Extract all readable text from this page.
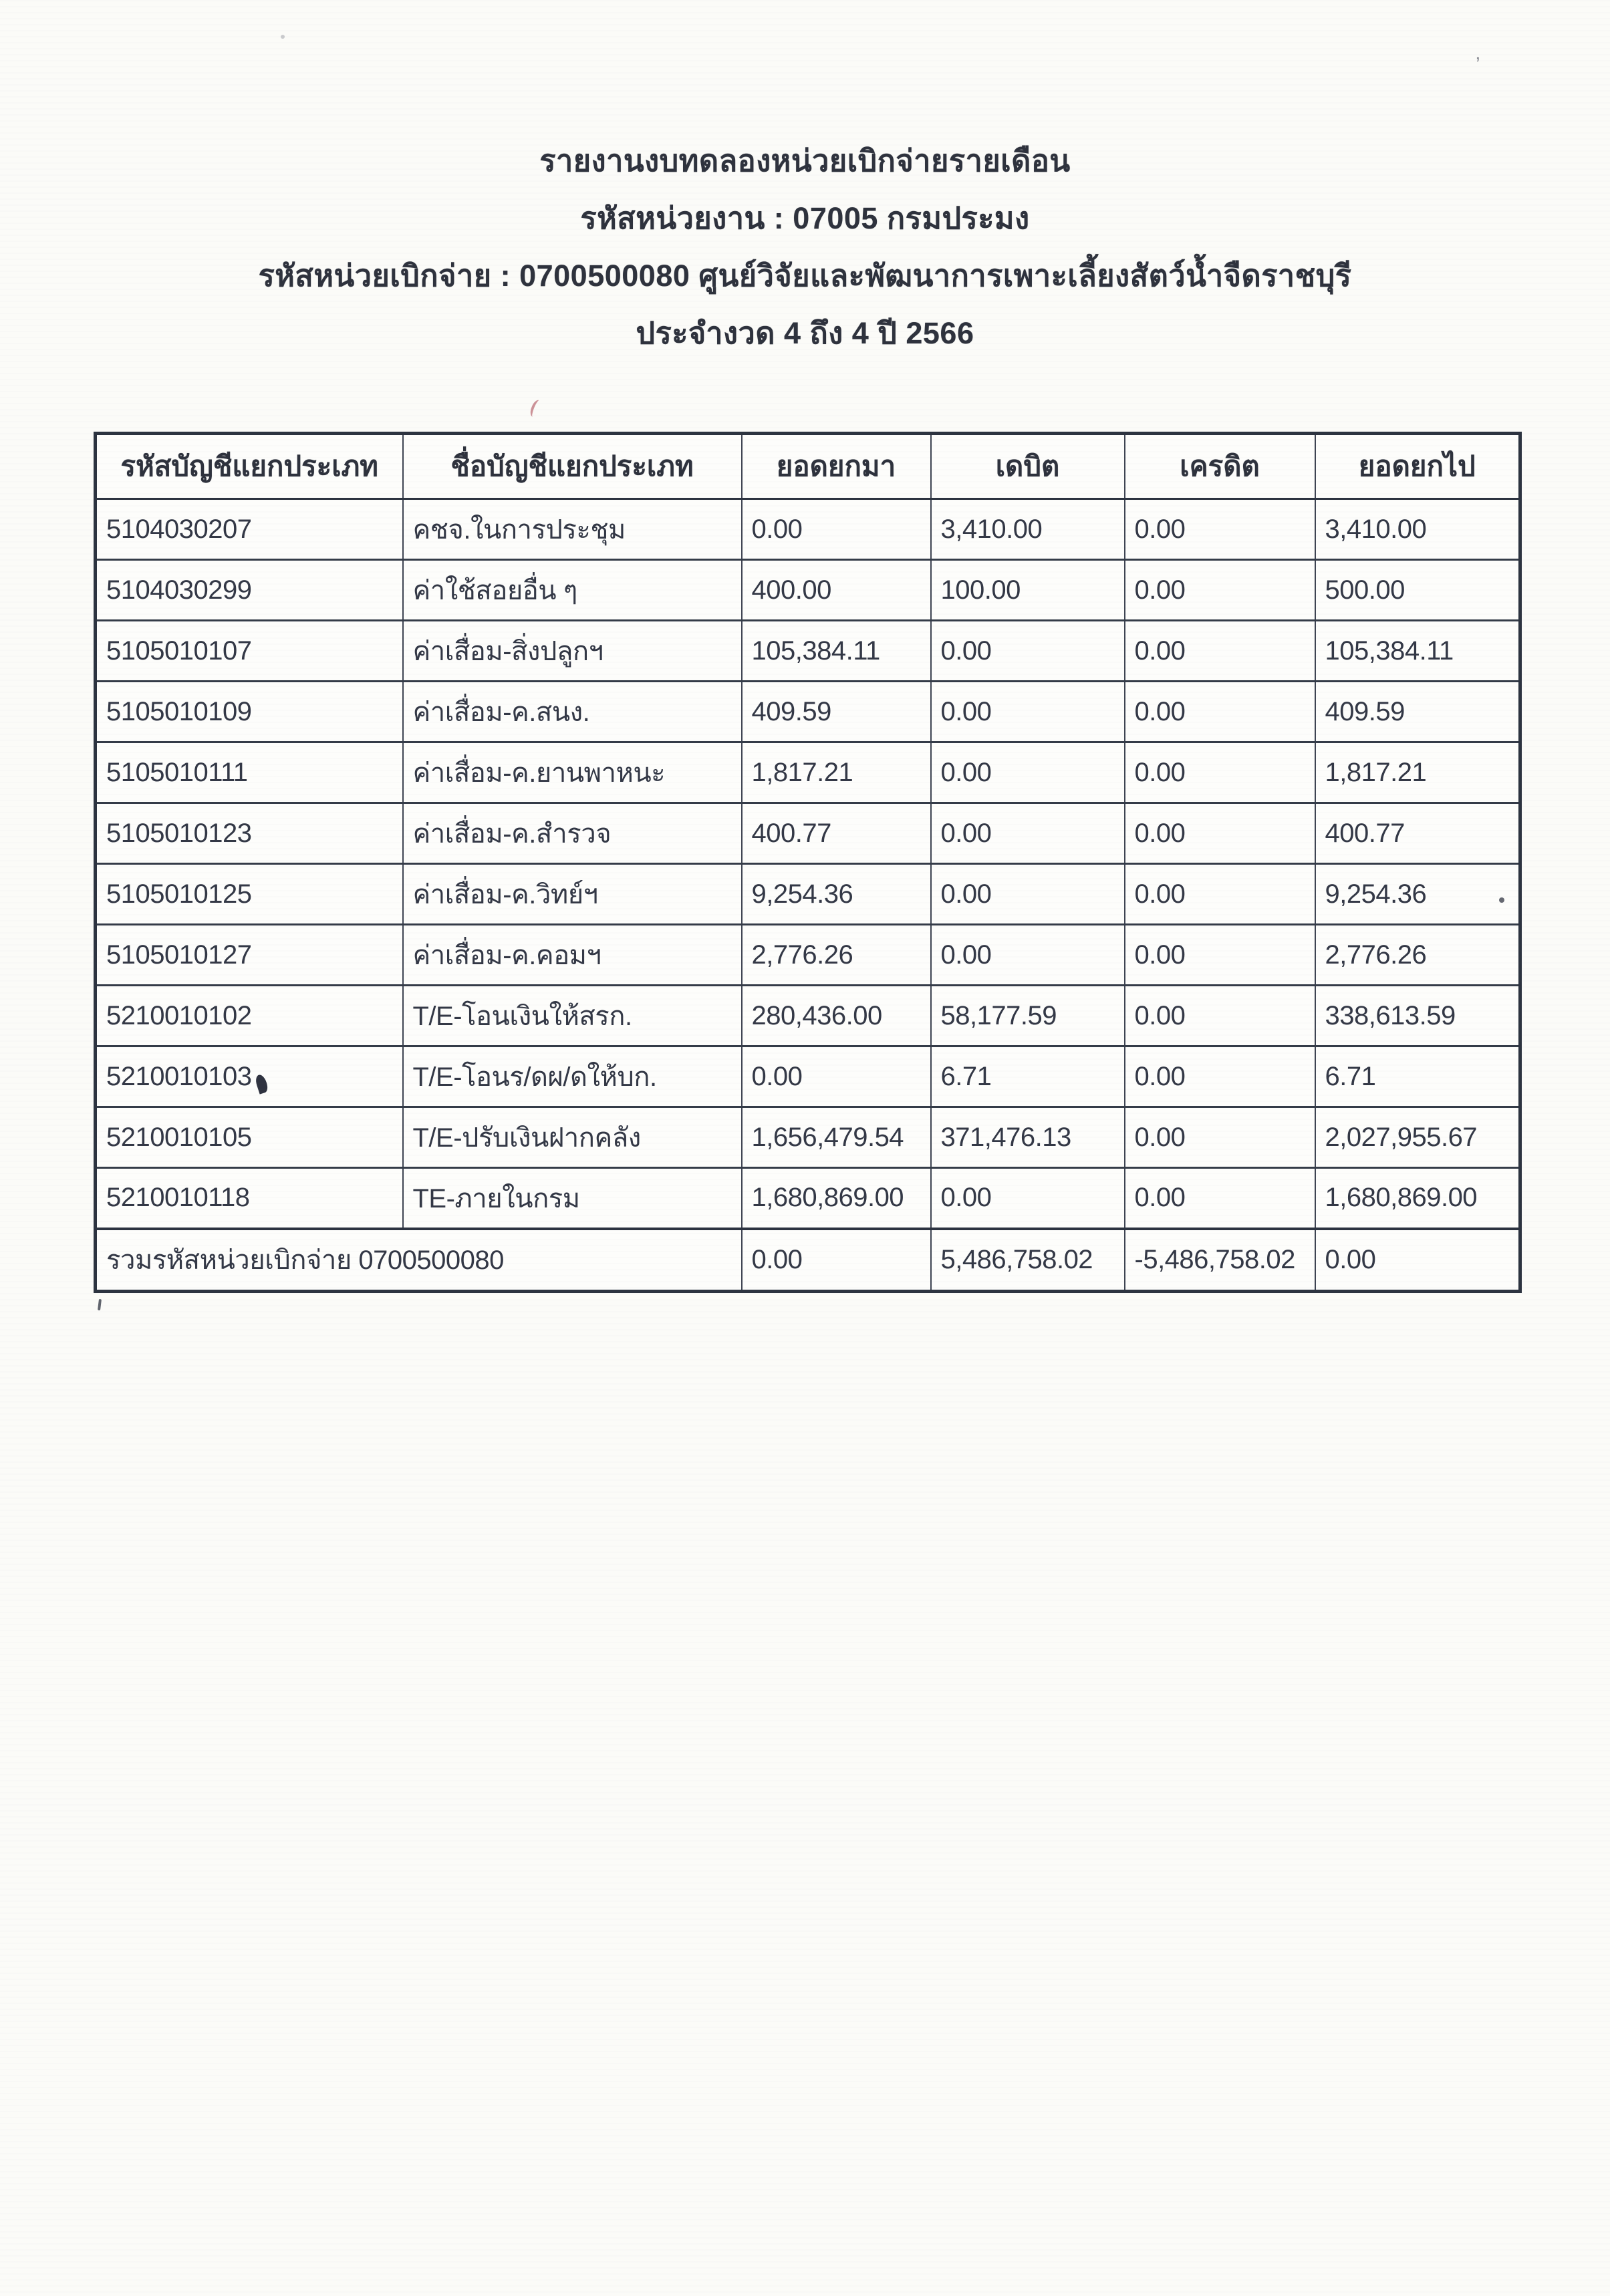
รายงานงบทดลองหน่วยเบิกจ่ายรายเดือน
รหัสหน่วยงาน : 07005 กรมประมง
รหัสหน่วยเบิกจ่าย : 0700500080 ศูนย์วิจัยและพัฒนาการเพาะเลี้ยงสัตว์น้ำจืดราชบุรี
ประจำงวด 4 ถึง 4 ปี 2566
รหัสบัญชีแยกประเภท	ชื่อบัญชีแยกประเภท	ยอดยกมา	เดบิต	เครดิต	ยอดยกไป
5104030207	คชจ.ในการประชุม	0.00	3,410.00	0.00	3,410.00
5104030299	ค่าใช้สอยอื่น ๆ	400.00	100.00	0.00	500.00
5105010107	ค่าเสื่อม-สิ่งปลูกฯ	105,384.11	0.00	0.00	105,384.11
5105010109	ค่าเสื่อม-ค.สนง.	409.59	0.00	0.00	409.59
5105010111	ค่าเสื่อม-ค.ยานพาหนะ	1,817.21	0.00	0.00	1,817.21
5105010123	ค่าเสื่อม-ค.สำรวจ	400.77	0.00	0.00	400.77
5105010125	ค่าเสื่อม-ค.วิทย์ฯ	9,254.36	0.00	0.00	9,254.36
5105010127	ค่าเสื่อม-ค.คอมฯ	2,776.26	0.00	0.00	2,776.26
5210010102	T/E-โอนเงินให้สรก.	280,436.00	58,177.59	0.00	338,613.59
5210010103	T/E-โอนร/ดผ/ดให้บก.	0.00	6.71	0.00	6.71
5210010105	T/E-ปรับเงินฝากคลัง	1,656,479.54	371,476.13	0.00	2,027,955.67
5210010118	TE-ภายในกรม	1,680,869.00	0.00	0.00	1,680,869.00
รวมรหัสหน่วยเบิกจ่าย 0700500080		0.00	5,486,758.02	-5,486,758.02	0.00
’
